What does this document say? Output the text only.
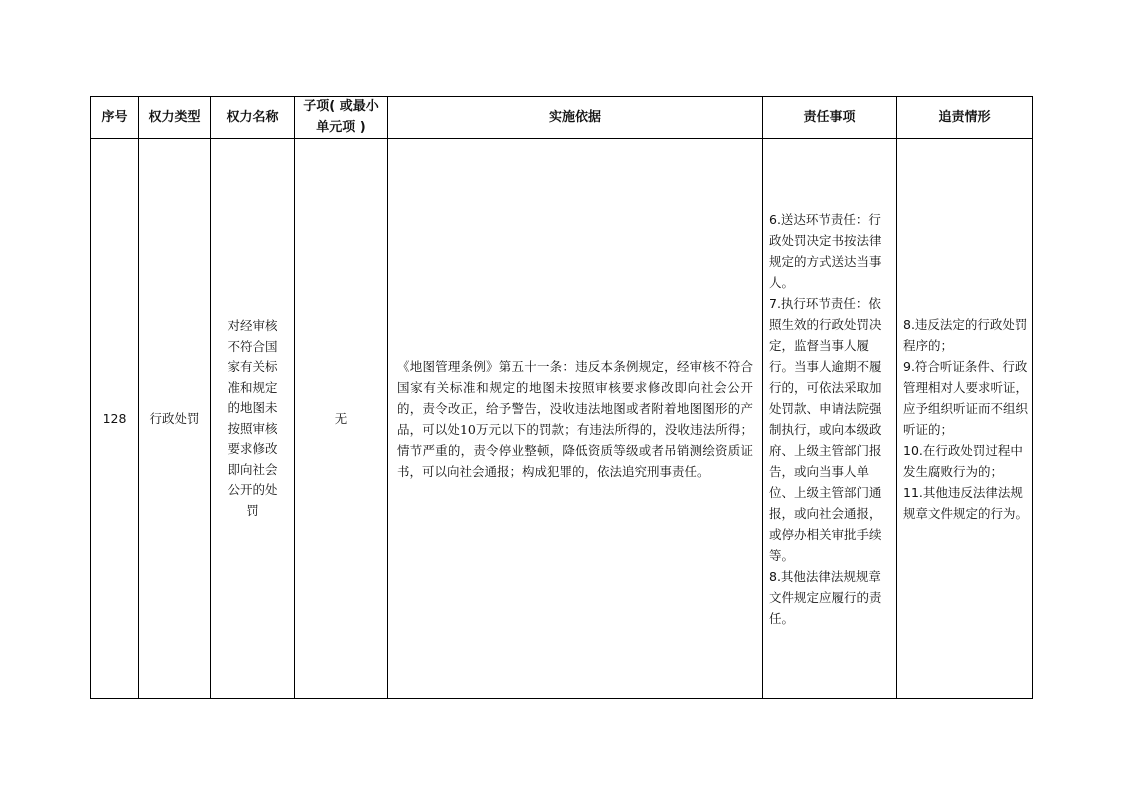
序号	权力类型	权力名称	子项( 或最小单元项 )	实施依据	责任事项	追责情形
128	行政处罚	对经审核不符合国家有关标准和规定的地图未按照审核要求修改即向社会公开的处罚	无	《地图管理条例》第五十一条：违反本条例规定，经审核不符合国家有关标准和规定的地图未按照审核要求修改即向社会公开的，责令改正，给予警告，没收违法地图或者附着地图图形的产品，可以处10万元以下的罚款；有违法所得的，没收违法所得；情节严重的，责令停业整顿，降低资质等级或者吊销测绘资质证书，可以向社会通报；构成犯罪的，依法追究刑事责任。	6.送达环节责任：行政处罚决定书按法律规定的方式送达当事人。
7.执行环节责任：依照生效的行政处罚决定，监督当事人履行。当事人逾期不履行的，可依法采取加处罚款、申请法院强制执行，或向本级政府、上级主管部门报告，或向当事人单位、上级主管部门通报，或向社会通报，或停办相关审批手续等。
8.其他法律法规规章文件规定应履行的责任。	8.违反法定的行政处罚程序的；
9.符合听证条件、行政管理相对人要求听证，应予组织听证而不组织听证的；
10.在行政处罚过程中发生腐败行为的；
11.其他违反法律法规规章文件规定的行为。
